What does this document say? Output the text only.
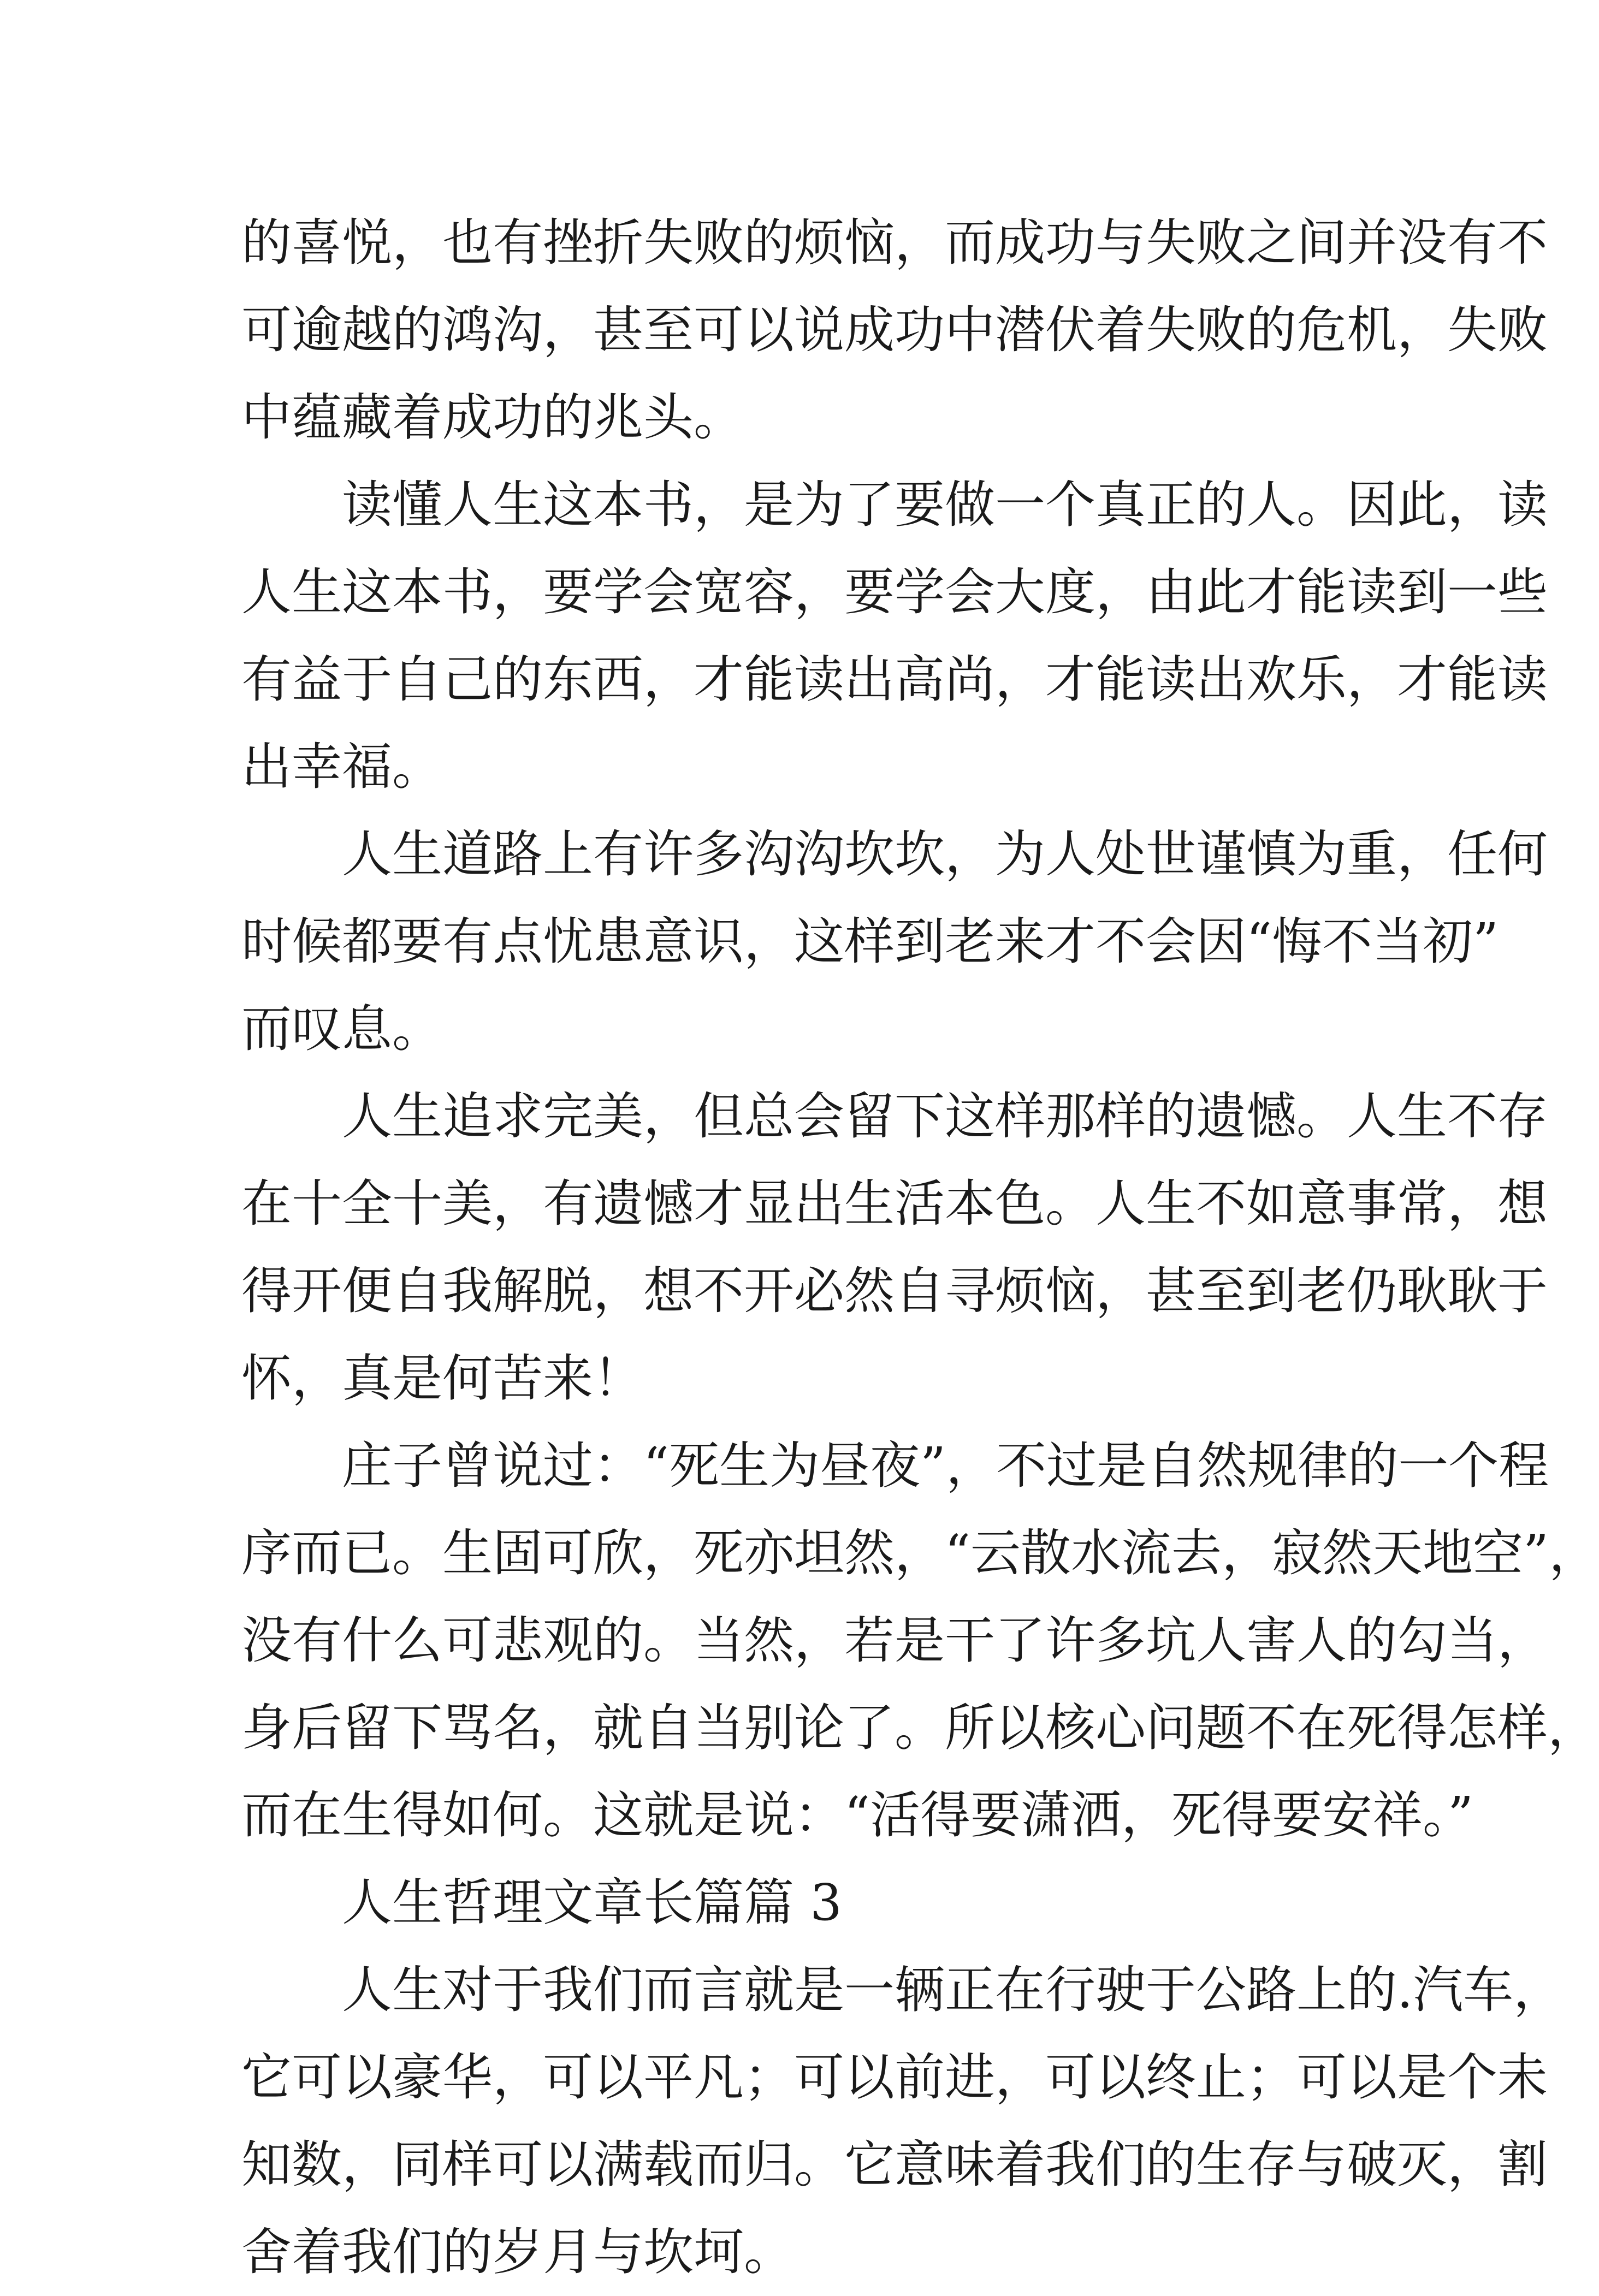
的喜悦，也有挫折失败的烦恼，而成功与失败之间并没有不
可逾越的鸿沟，甚至可以说成功中潜伏着失败的危机，失败
中蕴藏着成功的兆头。
读懂人生这本书，是为了要做一个真正的人。因此，读
人生这本书，要学会宽容，要学会大度，由此才能读到一些
有益于自己的东西，才能读出高尚，才能读出欢乐，才能读
出幸福。
人生道路上有许多沟沟坎坎，为人处世谨慎为重，任何
时候都要有点忧患意识，这样到老来才不会因“悔不当初”
而叹息。
人生追求完美，但总会留下这样那样的遗憾。人生不存
在十全十美，有遗憾才显出生活本色。人生不如意事常，想
得开便自我解脱，想不开必然自寻烦恼，甚至到老仍耿耿于
怀，真是何苦来！
庄子曾说过：“死生为昼夜”，不过是自然规律的一个程
序而已。生固可欣，死亦坦然，“云散水流去，寂然天地空”，
没有什么可悲观的。当然，若是干了许多坑人害人的勾当，
身后留下骂名，就自当别论了。所以核心问题不在死得怎样，
而在生得如何。这就是说：“活得要潇洒，死得要安祥。”
人生哲理文章长篇篇 3
人生对于我们而言就是一辆正在行驶于公路上的.汽车，
它可以豪华，可以平凡；可以前进，可以终止；可以是个未
知数，同样可以满载而归。它意味着我们的生存与破灭，割
舍着我们的岁月与坎坷。
